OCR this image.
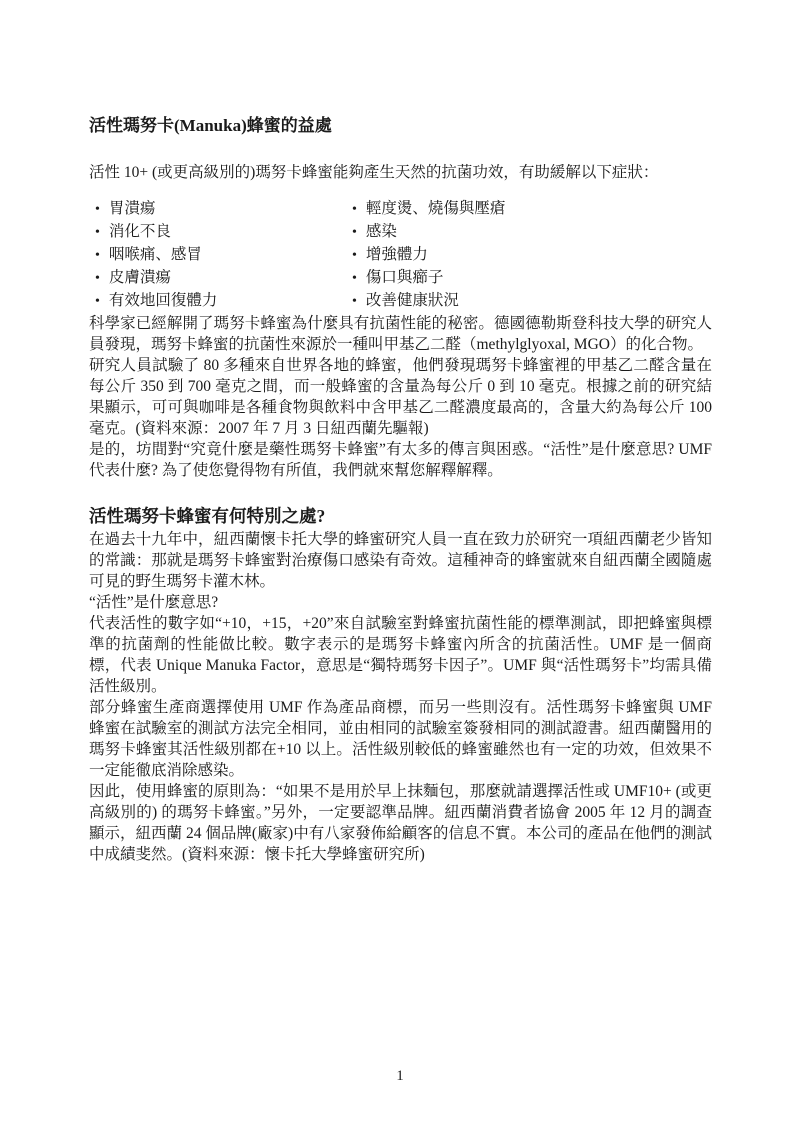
活性瑪努卡(Manuka)蜂蜜的益處

活性 10+ (或更高級別的)瑪努卡蜂蜜能夠產生天然的抗菌功效，有助緩解以下症狀：

• 胃潰瘍
• 消化不良
• 咽喉痛、感冒
• 皮膚潰瘍
• 有效地回復體力
• 輕度燙、燒傷與壓瘡
• 感染
• 增強體力
• 傷口與癤子
• 改善健康狀況

科學家已經解開了瑪努卡蜂蜜為什麼具有抗菌性能的秘密。德國德勒斯登科技大學的研究人員發現，瑪努卡蜂蜜的抗菌性來源於一種叫甲基乙二醛（methylglyoxal, MGO）的化合物。

研究人員試驗了 80 多種來自世界各地的蜂蜜，他們發現瑪努卡蜂蜜裡的甲基乙二醛含量在每公斤 350 到 700 毫克之間，而一般蜂蜜的含量為每公斤 0 到 10 毫克。根據之前的研究結果顯示，可可與咖啡是各種食物與飲料中含甲基乙二醛濃度最高的，含量大約為每公斤 100 毫克。(資料來源：2007 年 7 月 3 日紐西蘭先驅報)

是的，坊間對“究竟什麼是藥性瑪努卡蜂蜜”有太多的傳言與困惑。“活性”是什麼意思? UMF 代表什麼? 為了使您覺得物有所值，我們就來幫您解釋解釋。

活性瑪努卡蜂蜜有何特別之處?

在過去十九年中，紐西蘭懷卡托大學的蜂蜜研究人員一直在致力於研究一項紐西蘭老少皆知的常識：那就是瑪努卡蜂蜜對治療傷口感染有奇效。這種神奇的蜂蜜就來自紐西蘭全國隨處可見的野生瑪努卡灌木林。

“活性”是什麼意思?

代表活性的數字如“+10，+15，+20”來自試驗室對蜂蜜抗菌性能的標準測試，即把蜂蜜與標準的抗菌劑的性能做比較。數字表示的是瑪努卡蜂蜜內所含的抗菌活性。UMF 是一個商標，代表 Unique Manuka Factor，意思是“獨特瑪努卡因子”。UMF 與“活性瑪努卡”均需具備活性級別。

部分蜂蜜生產商選擇使用 UMF 作為產品商標，而另一些則沒有。活性瑪努卡蜂蜜與 UMF 蜂蜜在試驗室的測試方法完全相同，並由相同的試驗室簽發相同的測試證書。紐西蘭醫用的瑪努卡蜂蜜其活性級別都在+10 以上。活性級別較低的蜂蜜雖然也有一定的功效，但效果不一定能徹底消除感染。

因此，使用蜂蜜的原則為：“如果不是用於早上抹麵包，那麼就請選擇活性或 UMF10+ (或更高級別的) 的瑪努卡蜂蜜。”另外，一定要認準品牌。紐西蘭消費者協會 2005 年 12 月的調查顯示，紐西蘭 24 個品牌(廠家)中有八家發佈給顧客的信息不實。本公司的產品在他們的測試中成績斐然。(資料來源：懷卡托大學蜂蜜研究所)

1
